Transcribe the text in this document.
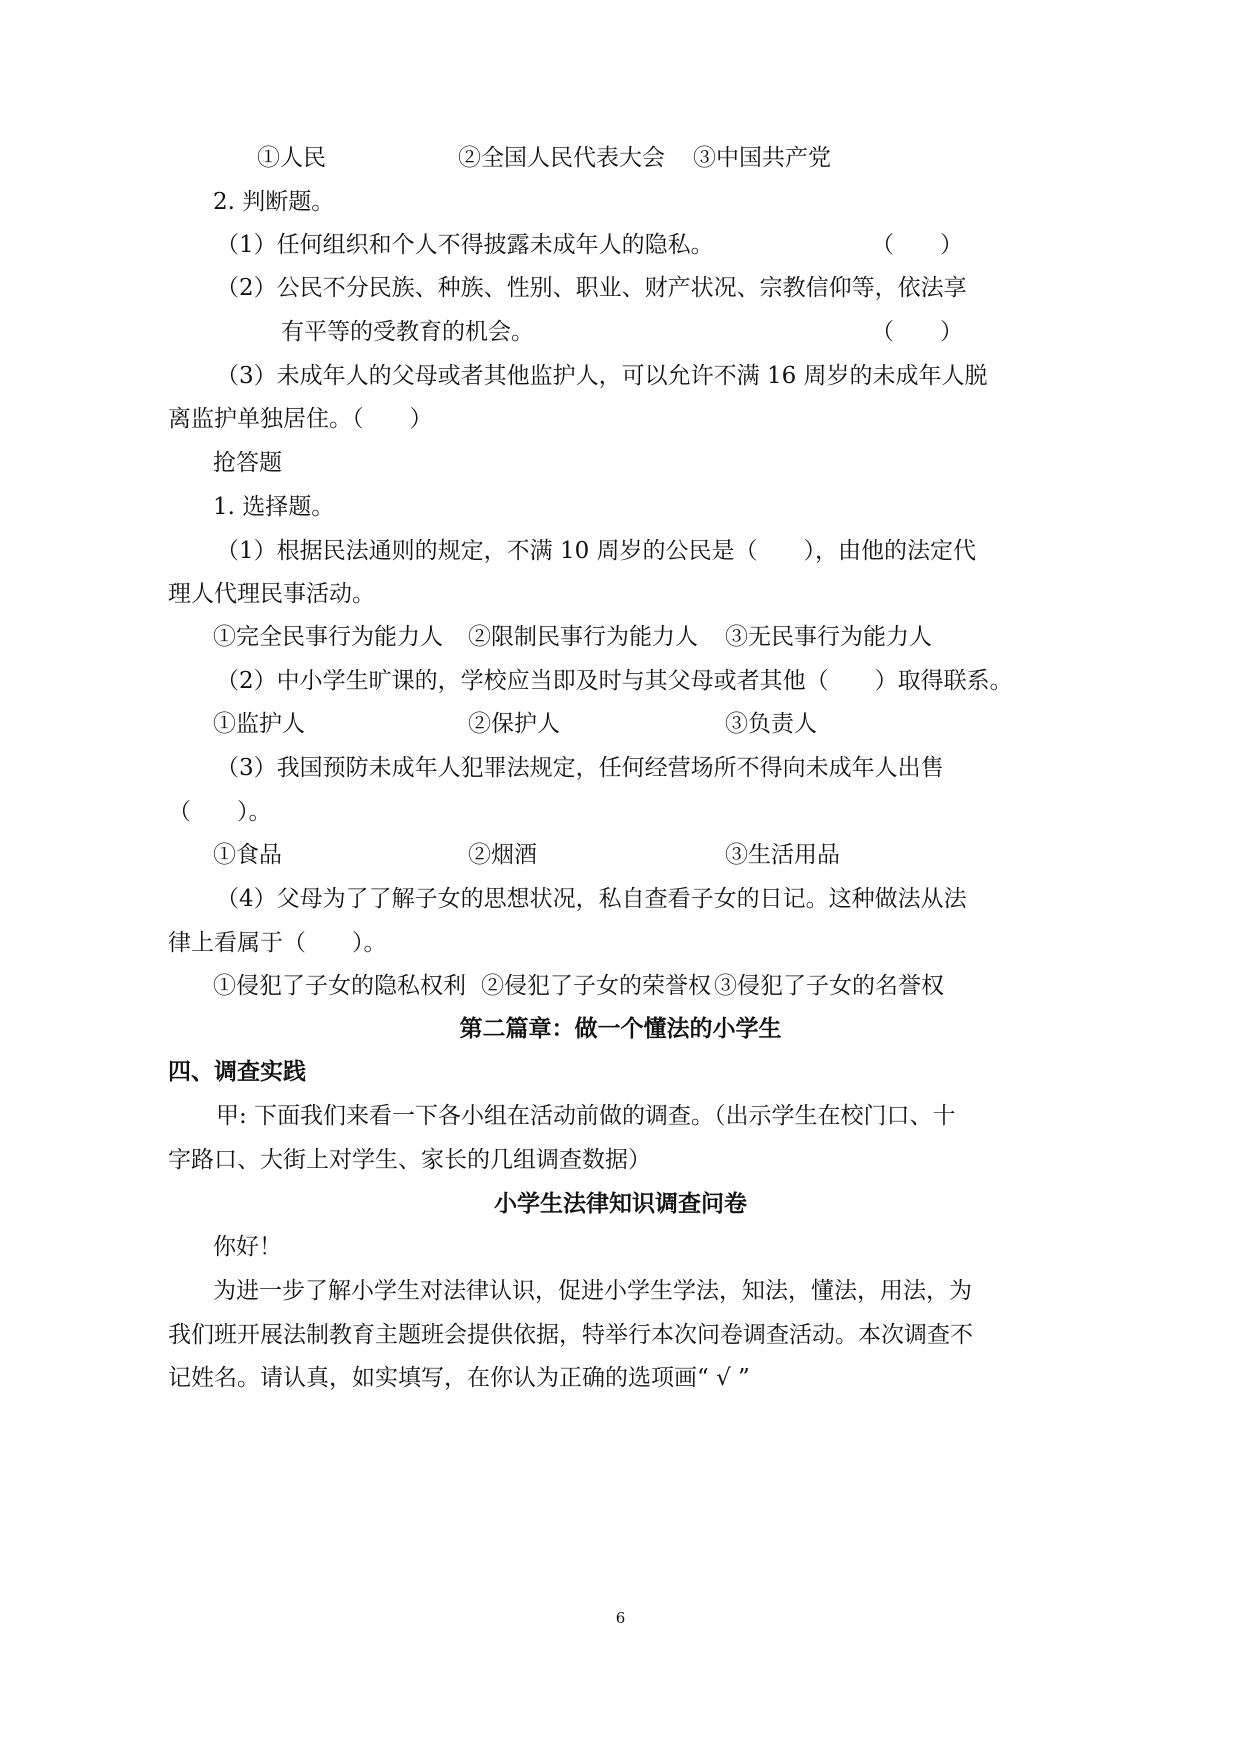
①人民	②全国人民代表大会 ③中国共产党
2. 判断题。
（1）任何组织和个人不得披露未成年人的隐私。	（　　）
（2）公民不分民族、种族、性别、职业、财产状况、宗教信仰等，依法享
有平等的受教育的机会。	（　　）
（3）未成年人的父母或者其他监护人，可以允许不满 16 周岁的未成年人脱
离监护单独居住。（　　）
抢答题
1. 选择题。
（1）根据民法通则的规定，不满 10 周岁的公民是（　　），由他的法定代
理人代理民事活动。
①完全民事行为能力人 ②限制民事行为能力人 ③无民事行为能力人
（2）中小学生旷课的，学校应当即及时与其父母或者其他（　　）取得联系。
①监护人	②保护人	③负责人
（3）我国预防未成年人犯罪法规定，任何经营场所不得向未成年人出售
（　　）。
①食品	②烟酒	③生活用品
（4）父母为了了解子女的思想状况，私自查看子女的日记。这种做法从法
律上看属于（　　）。
①侵犯了子女的隐私权利 ②侵犯了子女的荣誉权 ③侵犯了子女的名誉权
第二篇章：做一个懂法的小学生
四、调查实践
甲: 下面我们来看一下各小组在活动前做的调查。（出示学生在校门口、十
字路口、大街上对学生、家长的几组调查数据）
小学生法律知识调查问卷
你好！
为进一步了解小学生对法律认识，促进小学生学法，知法，懂法，用法，为
我们班开展法制教育主题班会提供依据，特举行本次问卷调查活动。本次调查不
记姓名。请认真，如实填写，在你认为正确的选项画“ √ ”
6
